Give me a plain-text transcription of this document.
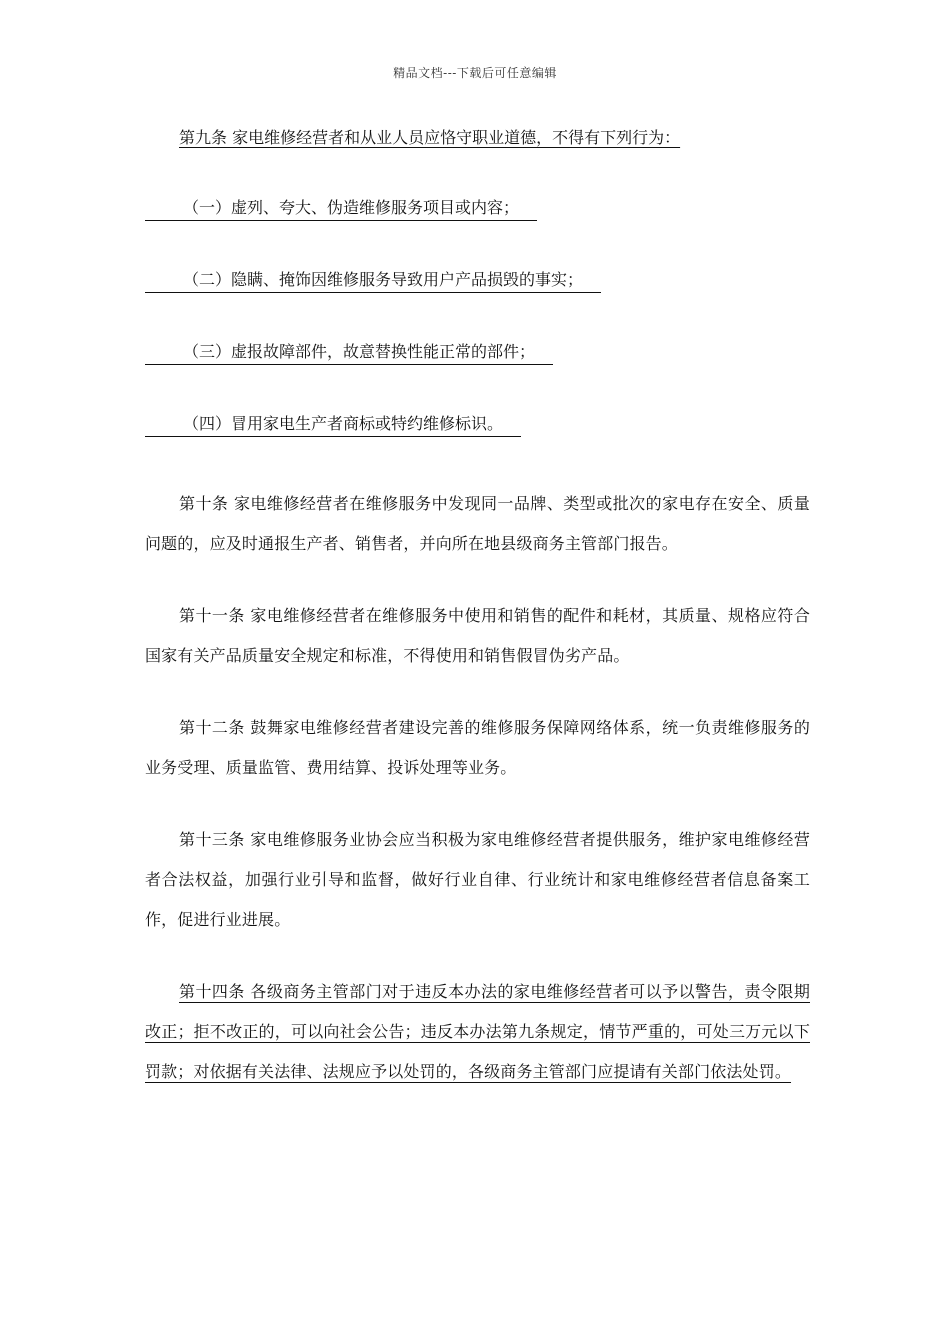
精品文档---下载后可任意编辑

第九条 家电维修经营者和从业人员应恪守职业道德，不得有下列行为：

（一）虚列、夸大、伪造维修服务项目或内容；
（二）隐瞒、掩饰因维修服务导致用户产品损毁的事实；
（三）虚报故障部件，故意替换性能正常的部件；
（四）冒用家电生产者商标或特约维修标识。

第十条 家电维修经营者在维修服务中发现同一品牌、类型或批次的家电存在安全、质量问题的，应及时通报生产者、销售者，并向所在地县级商务主管部门报告。

第十一条 家电维修经营者在维修服务中使用和销售的配件和耗材，其质量、规格应符合国家有关产品质量安全规定和标准，不得使用和销售假冒伪劣产品。

第十二条 鼓舞家电维修经营者建设完善的维修服务保障网络体系，统一负责维修服务的业务受理、质量监管、费用结算、投诉处理等业务。

第十三条 家电维修服务业协会应当积极为家电维修经营者提供服务，维护家电维修经营者合法权益，加强行业引导和监督，做好行业自律、行业统计和家电维修经营者信息备案工作，促进行业进展。

第十四条 各级商务主管部门对于违反本办法的家电维修经营者可以予以警告，责令限期改正；拒不改正的，可以向社会公告；违反本办法第九条规定，情节严重的，可处三万元以下罚款；对依据有关法律、法规应予以处罚的，各级商务主管部门应提请有关部门依法处罚。
